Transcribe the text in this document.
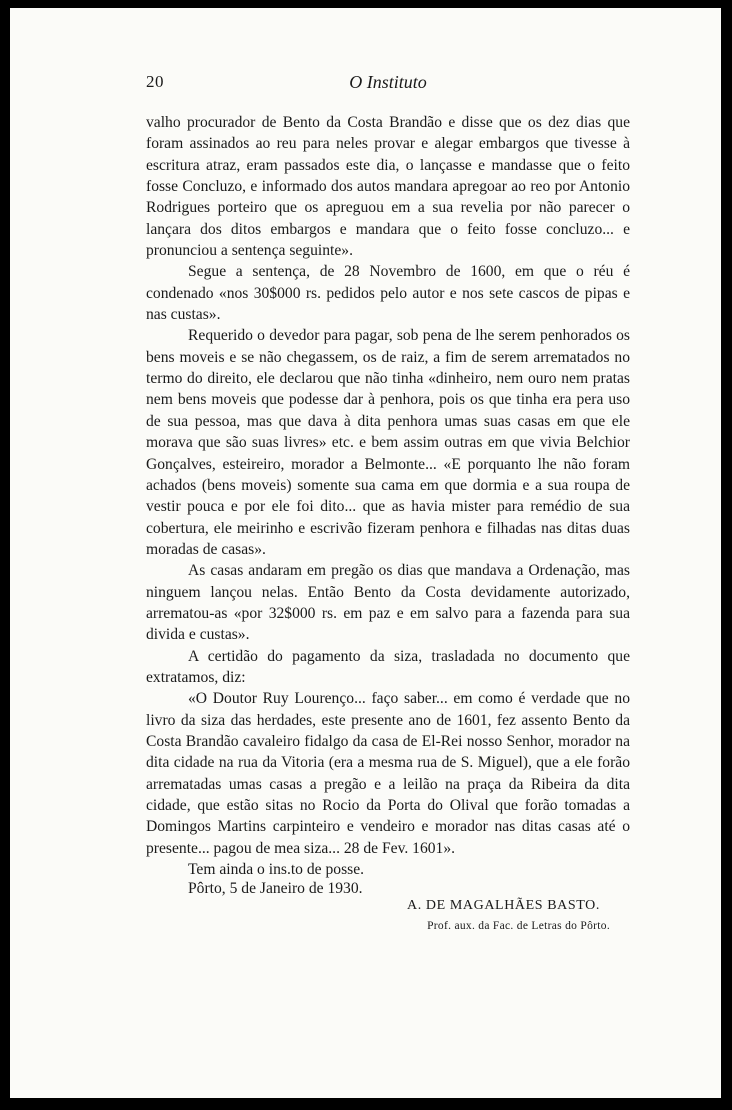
20	O Instituto

valho procurador de Bento da Costa Brandão e disse que os dez dias que foram assinados ao reu para neles provar e alegar embargos que tivesse à escritura atraz, eram passados este dia, o lançasse e mandasse que o feito fosse Concluzo, e informado dos autos mandara apregoar ao reo por Antonio Rodrigues porteiro que os apreguou em a sua revelia por não parecer o lançara dos ditos embargos e mandara que o feito fosse concluzo... e pronunciou a sentença seguinte».

Segue a sentença, de 28 Novembro de 1600, em que o réu é condenado «nos 30$000 rs. pedidos pelo autor e nos sete cascos de pipas e nas custas».

Requerido o devedor para pagar, sob pena de lhe serem penhorados os bens moveis e se não chegassem, os de raiz, a fim de serem arrematados no termo do direito, ele declarou que não tinha «dinheiro, nem ouro nem pratas nem bens moveis que podesse dar à penhora, pois os que tinha era pera uso de sua pessoa, mas que dava à dita penhora umas suas casas em que ele morava que são suas livres» etc. e bem assim outras em que vivia Belchior Gonçalves, esteireiro, morador a Belmonte... «E porquanto lhe não foram achados (bens moveis) somente sua cama em que dormia e a sua roupa de vestir pouca e por ele foi dito... que as havia mister para remédio de sua cobertura, ele meirinho e escrivão fizeram penhora e filhadas nas ditas duas moradas de casas».

As casas andaram em pregão os dias que mandava a Ordenação, mas ninguem lançou nelas. Então Bento da Costa devidamente autorizado, arrematou-as «por 32$000 rs. em paz e em salvo para a fazenda para sua divida e custas».

A certidão do pagamento da siza, trasladada no documento que extratamos, diz:

«O Doutor Ruy Lourenço... faço saber... em como é verdade que no livro da siza das herdades, este presente ano de 1601, fez assento Bento da Costa Brandão cavaleiro fidalgo da casa de El-Rei nosso Senhor, morador na dita cidade na rua da Vitoria (era a mesma rua de S. Miguel), que a ele forão arrematadas umas casas a pregão e a leilão na praça da Ribeira da dita cidade, que estão sitas no Rocio da Porta do Olival que forão tomadas a Domingos Martins carpinteiro e vendeiro e morador nas ditas casas até o presente... pagou de mea siza... 28 de Fev. 1601».

Tem ainda o ins.to de posse.

Pôrto, 5 de Janeiro de 1930.
A. DE MAGALHÃES BASTO.
Prof. aux. da Fac. de Letras do Pôrto.
